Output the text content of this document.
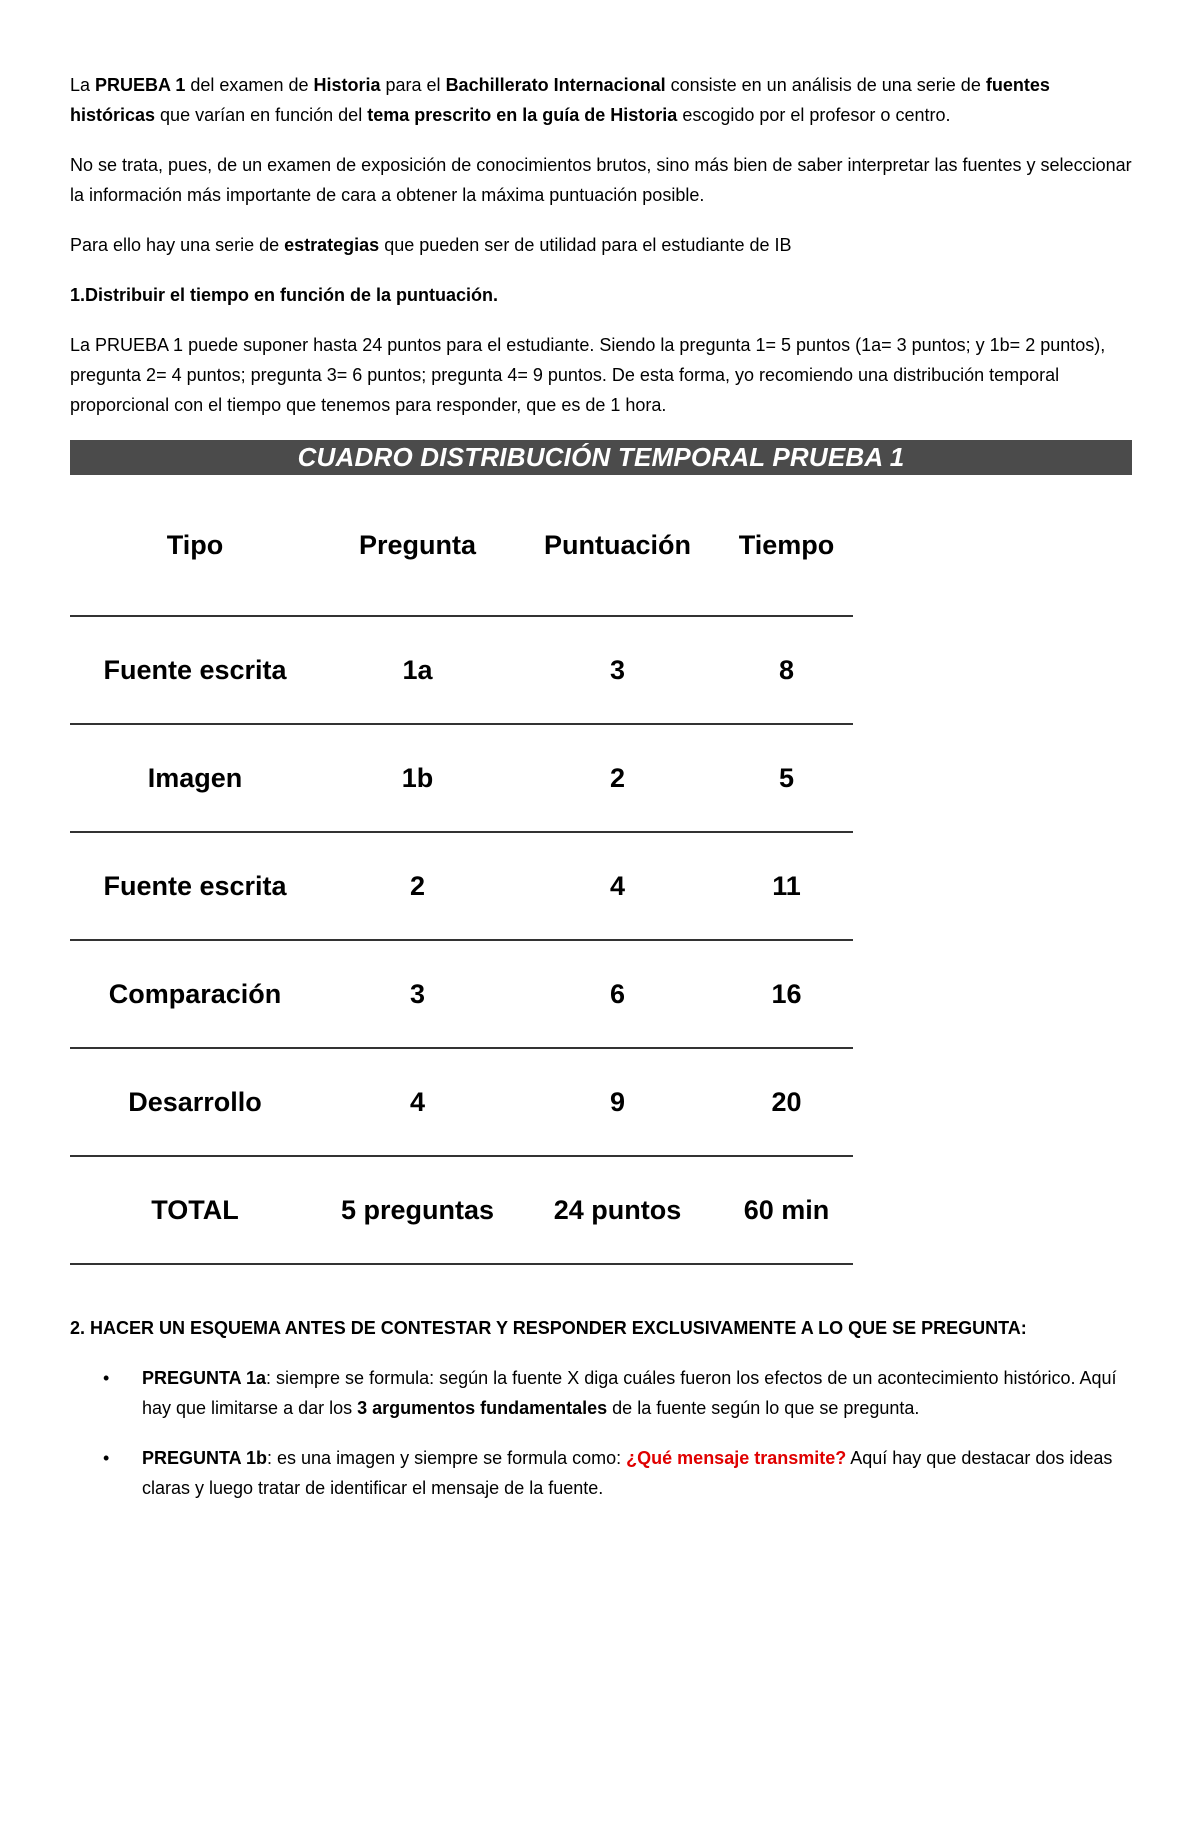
La PRUEBA 1 del examen de Historia para el Bachillerato Internacional consiste en un análisis de una serie de fuentes históricas que varían en función del tema prescrito en la guía de Historia escogido por el profesor o centro.

No se trata, pues, de un examen de exposición de conocimientos brutos, sino más bien de saber interpretar las fuentes y seleccionar la información más importante de cara a obtener la máxima puntuación posible.

Para ello hay una serie de estrategias que pueden ser de utilidad para el estudiante de IB

1.Distribuir el tiempo en función de la puntuación.

La PRUEBA 1 puede suponer hasta 24 puntos para el estudiante. Siendo la pregunta 1= 5 puntos (1a= 3 puntos; y 1b= 2 puntos), pregunta 2= 4 puntos; pregunta 3= 6 puntos; pregunta 4= 9 puntos. De esta forma, yo recomiendo una distribución temporal proporcional con el tiempo que tenemos para responder, que es de 1 hora.

CUADRO DISTRIBUCIÓN TEMPORAL PRUEBA 1
Tipo	Pregunta	Puntuación	Tiempo
Fuente escrita	1a	3	8
Imagen	1b	2	5
Fuente escrita	2	4	11
Comparación	3	6	16
Desarrollo	4	9	20
TOTAL	5 preguntas	24 puntos	60 min

2. HACER UN ESQUEMA ANTES DE CONTESTAR Y RESPONDER EXCLUSIVAMENTE A LO QUE SE PREGUNTA:

• PREGUNTA 1a: siempre se formula: según la fuente X diga cuáles fueron los efectos de un acontecimiento histórico. Aquí hay que limitarse a dar los 3 argumentos fundamentales de la fuente según lo que se pregunta.
• PREGUNTA 1b: es una imagen y siempre se formula como: ¿Qué mensaje transmite? Aquí hay que destacar dos ideas claras y luego tratar de identificar el mensaje de la fuente.
